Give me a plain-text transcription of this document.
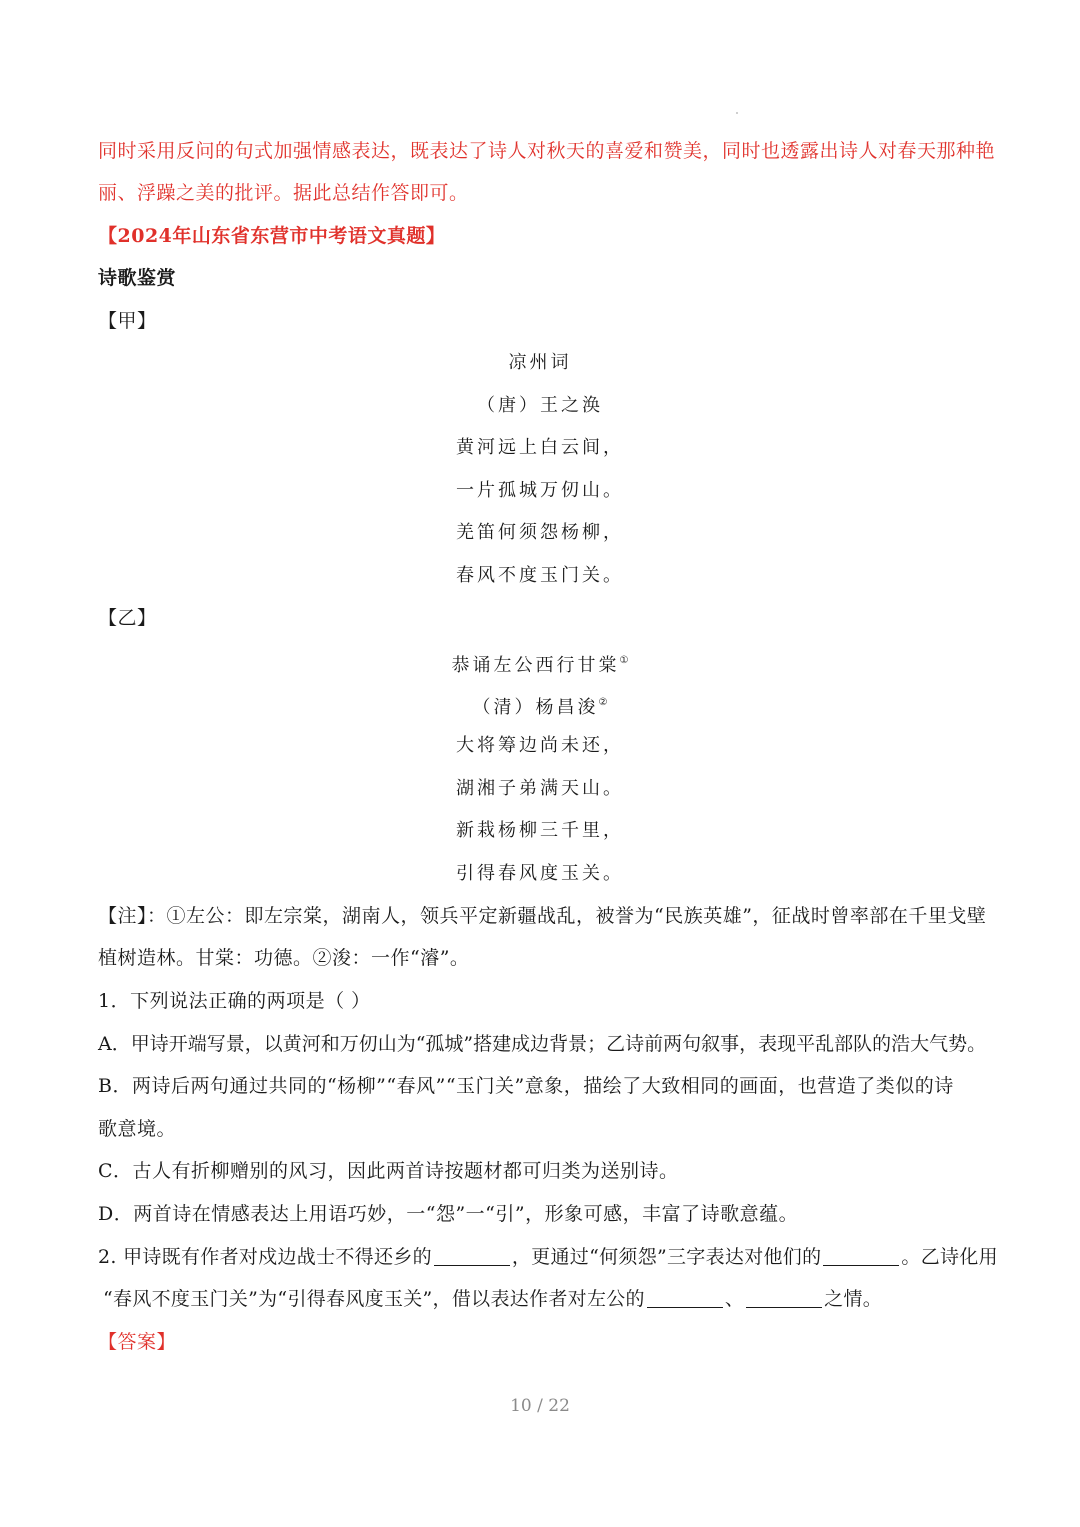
同时采用反问的句式加强情感表达，既表达了诗人对秋天的喜爱和赞美，同时也透露出诗人对春天那种艳
丽、浮躁之美的批评。据此总结作答即可。
【2024年山东省东营市中考语文真题】
诗歌鉴赏
【甲】
凉州词
（唐）王之涣
黄河远上白云间，
一片孤城万仞山。
羌笛何须怨杨柳，
春风不度玉门关。
【乙】
恭诵左公西行甘棠①
（清）杨昌浚②
大将筹边尚未还，
湖湘子弟满天山。
新栽杨柳三千里，
引得春风度玉关。
【注】：①左公：即左宗棠，湖南人，领兵平定新疆战乱，被誉为“民族英雄”，征战时曾率部在千里戈壁
植树造林。甘棠：功德。②浚：一作“濬”。
1．下列说法正确的两项是（ ）
A．甲诗开端写景，以黄河和万仞山为“孤城”搭建成边背景；乙诗前两句叙事，表现平乱部队的浩大气势。
B．两诗后两句通过共同的“杨柳”“春风”“玉门关”意象，描绘了大致相同的画面，也营造了类似的诗
歌意境。
C．古人有折柳赠别的风习，因此两首诗按题材都可归类为送别诗。
D．两首诗在情感表达上用语巧妙，一“怨”一“引”，形象可感，丰富了诗歌意蕴。
2. 甲诗既有作者对戍边战士不得还乡的	，更通过“何须怨”三字表达对他们的	。乙诗化用
“春风不度玉门关”为“引得春风度玉关”，借以表达作者对左公的	、	之情。
【答案】
10 / 22
